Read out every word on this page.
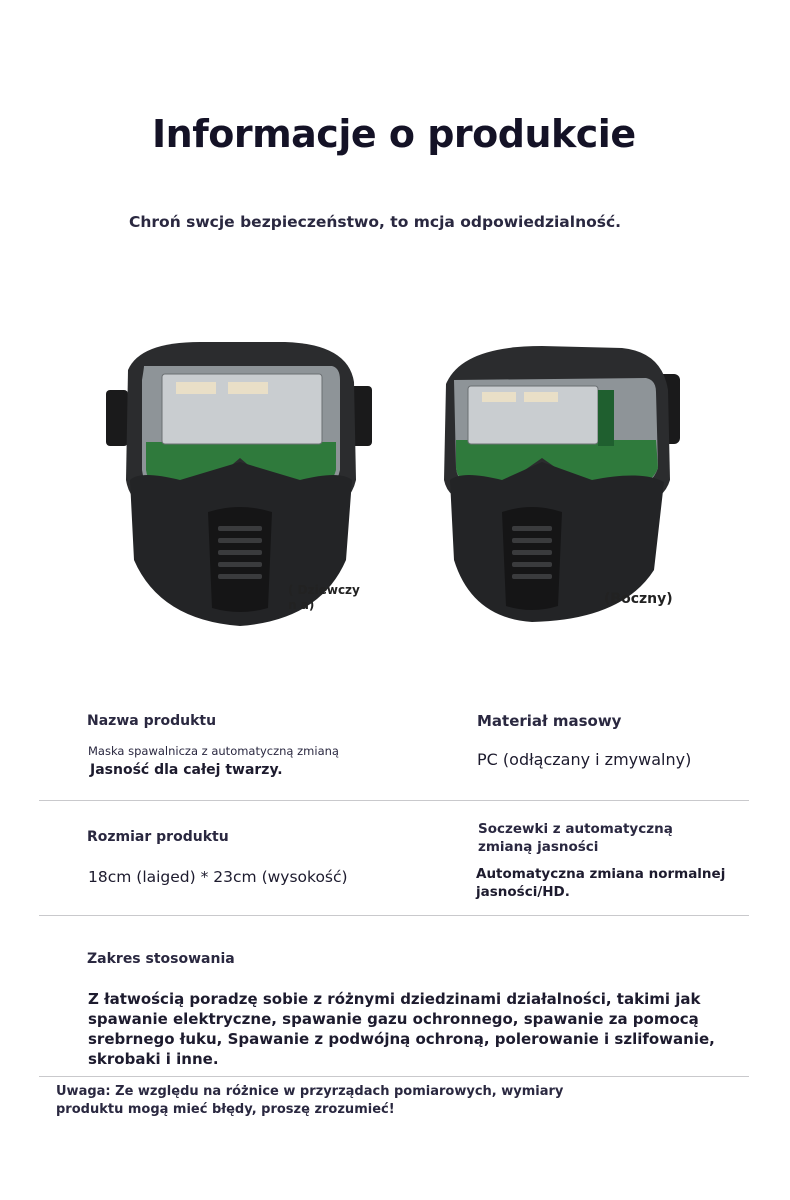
Informacje o produkcie
Chroń swcje bezpieczeństwo, to mcja odpowiedzialność.
( Dziewczyn a)	(Boczny)
Nazwa produktu
Maska spawalnicza z automatyczną zmianą
Jasność dla całej twarzy.
Materiał masowy
PC (odłączany i zmywalny)
Rozmiar produktu
18cm (laiged) * 23cm (wysokość)
Soczewki z automatyczną zmianą jasności
Automatyczna zmiana normalnej jasności/HD.
Zakres stosowania
Z łatwością poradzę sobie z różnymi dziedzinami działalności, takimi jak spawanie elektryczne, spawanie gazu ochronnego, spawanie za pomocą srebrnego łuku, Spawanie z podwójną ochroną, polerowanie i szlifowanie, skrobaki i inne.
Uwaga: Ze względu na różnice w przyrządach pomiarowych, wymiary produktu mogą mieć błędy, proszę zrozumieć!
